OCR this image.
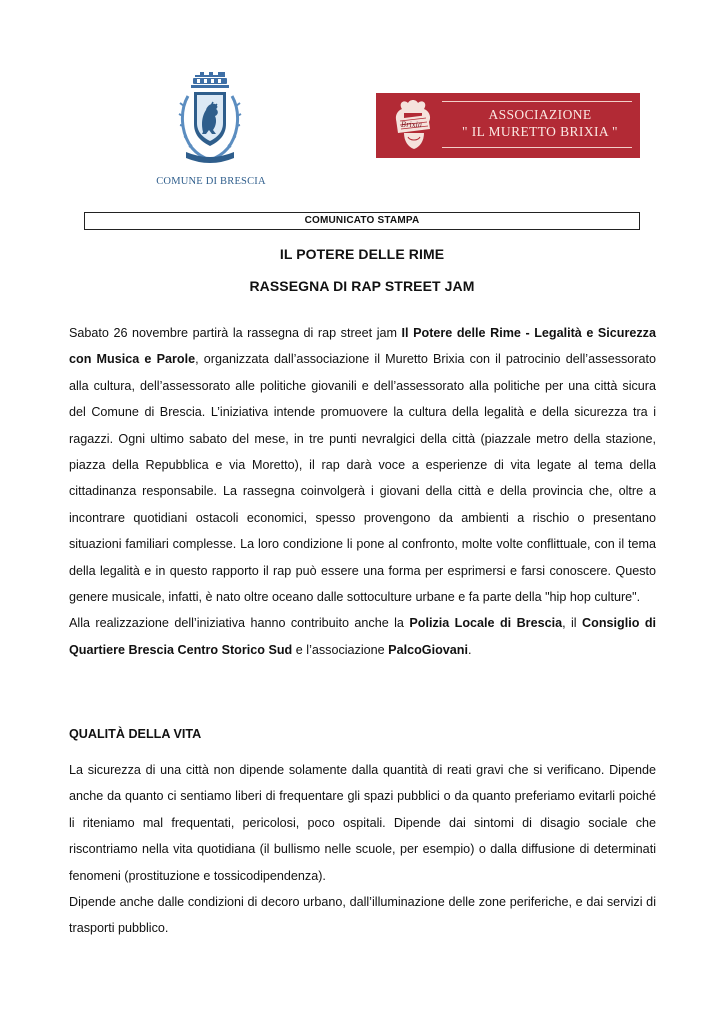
COMUNE DI BRESCIA
Brixia
ASSOCIAZIONE
" IL MURETTO BRIXIA "
COMUNICATO STAMPA
IL POTERE DELLE RIME
RASSEGNA DI RAP STREET JAM

Sabato 26 novembre partirà la rassegna di rap street jam Il Potere delle Rime - Legalità e Sicurezza con Musica e Parole, organizzata dall’associazione il Muretto Brixia con il patrocinio dell’assessorato alla cultura, dell’assessorato alle politiche giovanili e dell’assessorato alla politiche per una città sicura del Comune di Brescia. L’iniziativa intende promuovere la cultura della legalità e della sicurezza tra i ragazzi. Ogni ultimo sabato del mese, in tre punti nevralgici della città (piazzale metro della stazione, piazza della Repubblica e via Moretto), il rap darà voce a esperienze di vita legate al tema della cittadinanza responsabile. La rassegna coinvolgerà i giovani della città e della provincia che, oltre a incontrare quotidiani ostacoli economici, spesso provengono da ambienti a rischio o presentano situazioni familiari complesse. La loro condizione li pone al confronto, molte volte conflittuale, con il tema della legalità e in questo rapporto il rap può essere una forma per esprimersi e farsi conoscere. Questo genere musicale, infatti, è nato oltre oceano dalle sottoculture urbane e fa parte della "hip hop culture".

Alla realizzazione dell’iniziativa hanno contribuito anche la Polizia Locale di Brescia, il Consiglio di Quartiere Brescia Centro Storico Sud e l’associazione PalcoGiovani.

QUALITÀ DELLA VITA

La sicurezza di una città non dipende solamente dalla quantità di reati gravi che si verificano. Dipende anche da quanto ci sentiamo liberi di frequentare gli spazi pubblici o da quanto preferiamo evitarli poiché li riteniamo mal frequentati, pericolosi, poco ospitali. Dipende dai sintomi di disagio sociale che riscontriamo nella vita quotidiana (il bullismo nelle scuole, per esempio) o dalla diffusione di determinati fenomeni (prostituzione e tossicodipendenza).

Dipende anche dalle condizioni di decoro urbano, dall’illuminazione delle zone periferiche, e dai servizi di trasporti pubblico.
